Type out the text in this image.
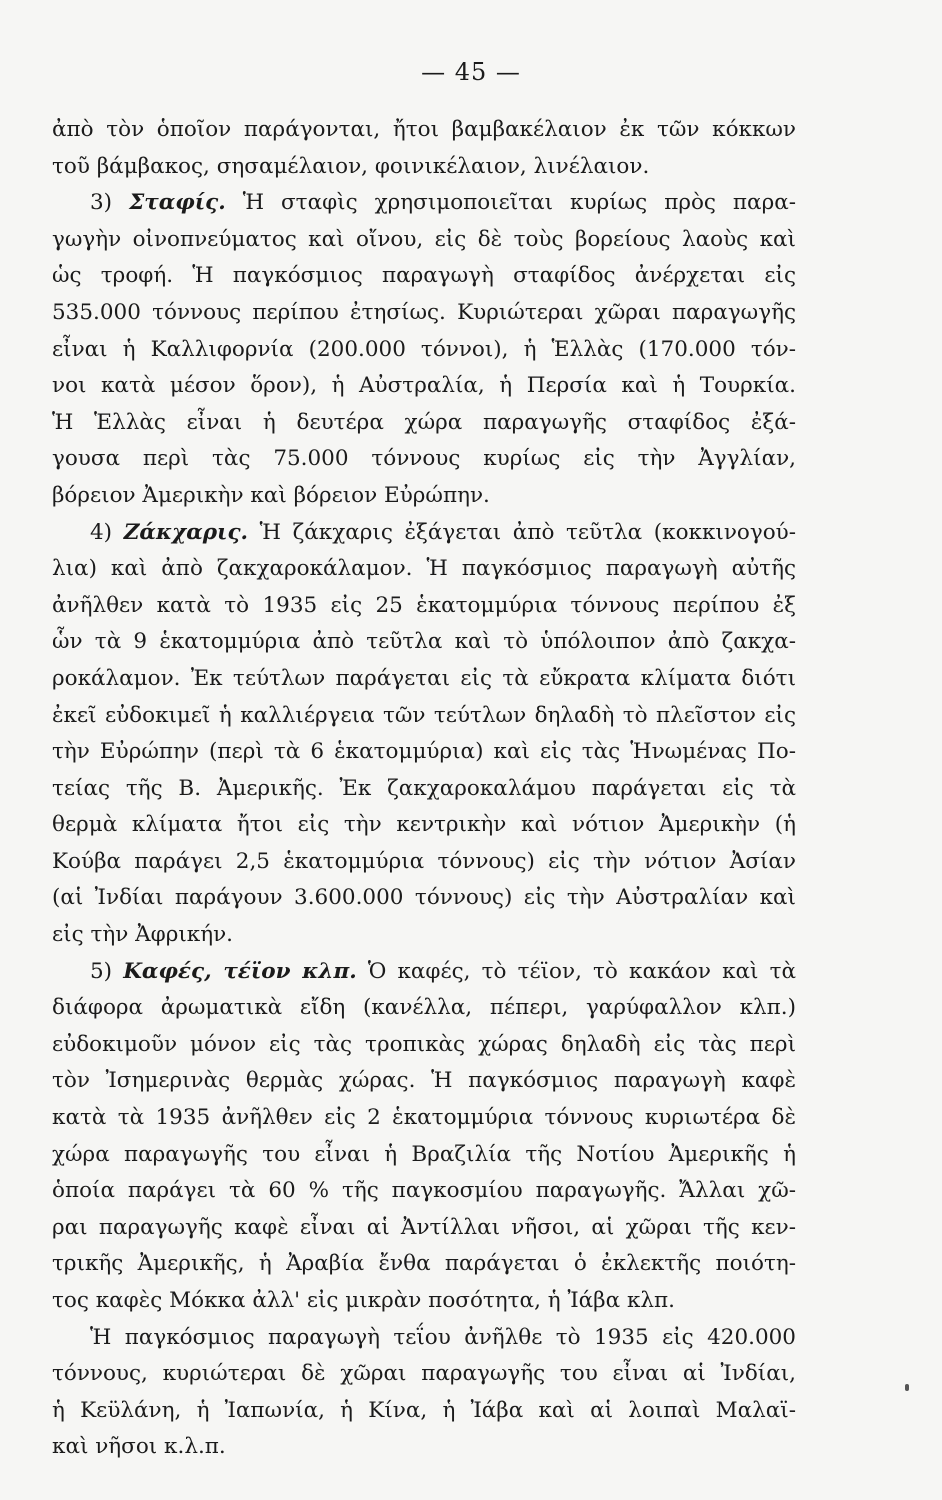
— 45 —
ἀπὸ τὸν ὁποῖον παράγονται, ἤτοι βαμβακέλαιον ἐκ τῶν κόκκων
τοῦ βάμβακος, σησαμέλαιον, φοινικέλαιον, λινέλαιον.
3) Σταφίς. Ἡ σταφὶς χρησιμοποιεῖται κυρίως πρὸς παρα-
γωγὴν οἰνοπνεύματος καὶ οἴνου, εἰς δὲ τοὺς βορείους λαοὺς καὶ
ὡς τροφή. Ἡ παγκόσμιος παραγωγὴ σταφίδος ἀνέρχεται εἰς
535.000 τόννους περίπου ἐτησίως. Κυριώτεραι χῶραι παραγωγῆς
εἶναι ἡ Καλλιφορνία (200.000 τόννοι), ἡ Ἑλλὰς (170.000 τόν-
νοι κατὰ μέσον ὅρον), ἡ Αὐστραλία, ἡ Περσία καὶ ἡ Τουρκία.
Ἡ Ἑλλὰς εἶναι ἡ δευτέρα χώρα παραγωγῆς σταφίδος ἐξά-
γουσα περὶ τὰς 75.000 τόννους κυρίως εἰς τὴν Ἀγγλίαν,
βόρειον Ἀμερικὴν καὶ βόρειον Εὐρώπην.
4) Ζάκχαρις. Ἡ ζάκχαρις ἐξάγεται ἀπὸ τεῦτλα (κοκκινογού-
λια) καὶ ἀπὸ ζακχαροκάλαμον. Ἡ παγκόσμιος παραγωγὴ αὐτῆς
ἀνῆλθεν κατὰ τὸ 1935 εἰς 25 ἑκατομμύρια τόννους περίπου ἐξ
ὧν τὰ 9 ἑκατομμύρια ἀπὸ τεῦτλα καὶ τὸ ὑπόλοιπον ἀπὸ ζακχα-
ροκάλαμον. Ἐκ τεύτλων παράγεται εἰς τὰ εὔκρατα κλίματα διότι
ἐκεῖ εὐδοκιμεῖ ἡ καλλιέργεια τῶν τεύτλων δηλαδὴ τὸ πλεῖστον εἰς
τὴν Εὐρώπην (περὶ τὰ 6 ἑκατομμύρια) καὶ εἰς τὰς Ἡνωμένας Πο-
τείας τῆς Β. Ἀμερικῆς. Ἐκ ζακχαροκαλάμου παράγεται εἰς τὰ
θερμὰ κλίματα ἤτοι εἰς τὴν κεντρικὴν καὶ νότιον Ἀμερικὴν (ἡ
Κούβα παράγει 2,5 ἑκατομμύρια τόννους) εἰς τὴν νότιον Ἀσίαν
(αἱ Ἰνδίαι παράγουν 3.600.000 τόννους) εἰς τὴν Αὐστραλίαν καὶ
εἰς τὴν Ἀφρικήν.
5) Καφές, τέϊον κλπ. Ὁ καφές, τὸ τέϊον, τὸ κακάον καὶ τὰ
διάφορα ἀρωματικὰ εἴδη (κανέλλα, πέπερι, γαρύφαλλον κλπ.)
εὐδοκιμοῦν μόνον εἰς τὰς τροπικὰς χώρας δηλαδὴ εἰς τὰς περὶ
τὸν Ἰσημερινὰς θερμὰς χώρας. Ἡ παγκόσμιος παραγωγὴ καφὲ
κατὰ τὰ 1935 ἀνῆλθεν εἰς 2 ἑκατομμύρια τόννους κυριωτέρα δὲ
χώρα παραγωγῆς του εἶναι ἡ Βραζιλία τῆς Νοτίου Ἀμερικῆς ἡ
ὁποία παράγει τὰ 60 % τῆς παγκοσμίου παραγωγῆς. Ἄλλαι χῶ-
ραι παραγωγῆς καφὲ εἶναι αἱ Ἀντίλλαι νῆσοι, αἱ χῶραι τῆς κεν-
τρικῆς Ἀμερικῆς, ἡ Ἀραβία ἔνθα παράγεται ὁ ἐκλεκτῆς ποιότη-
τος καφὲς Μόκκα ἀλλ' εἰς μικρὰν ποσότητα, ἡ Ἰάβα κλπ.
Ἡ παγκόσμιος παραγωγὴ τεΐου ἀνῆλθε τὸ 1935 εἰς 420.000
τόννους, κυριώτεραι δὲ χῶραι παραγωγῆς του εἶναι αἱ Ἰνδίαι,
ἡ Κεϋλάνη, ἡ Ἰαπωνία, ἡ Κίνα, ἡ Ἰάβα καὶ αἱ λοιπαὶ Μαλαϊ-
καὶ νῆσοι κ.λ.π.
